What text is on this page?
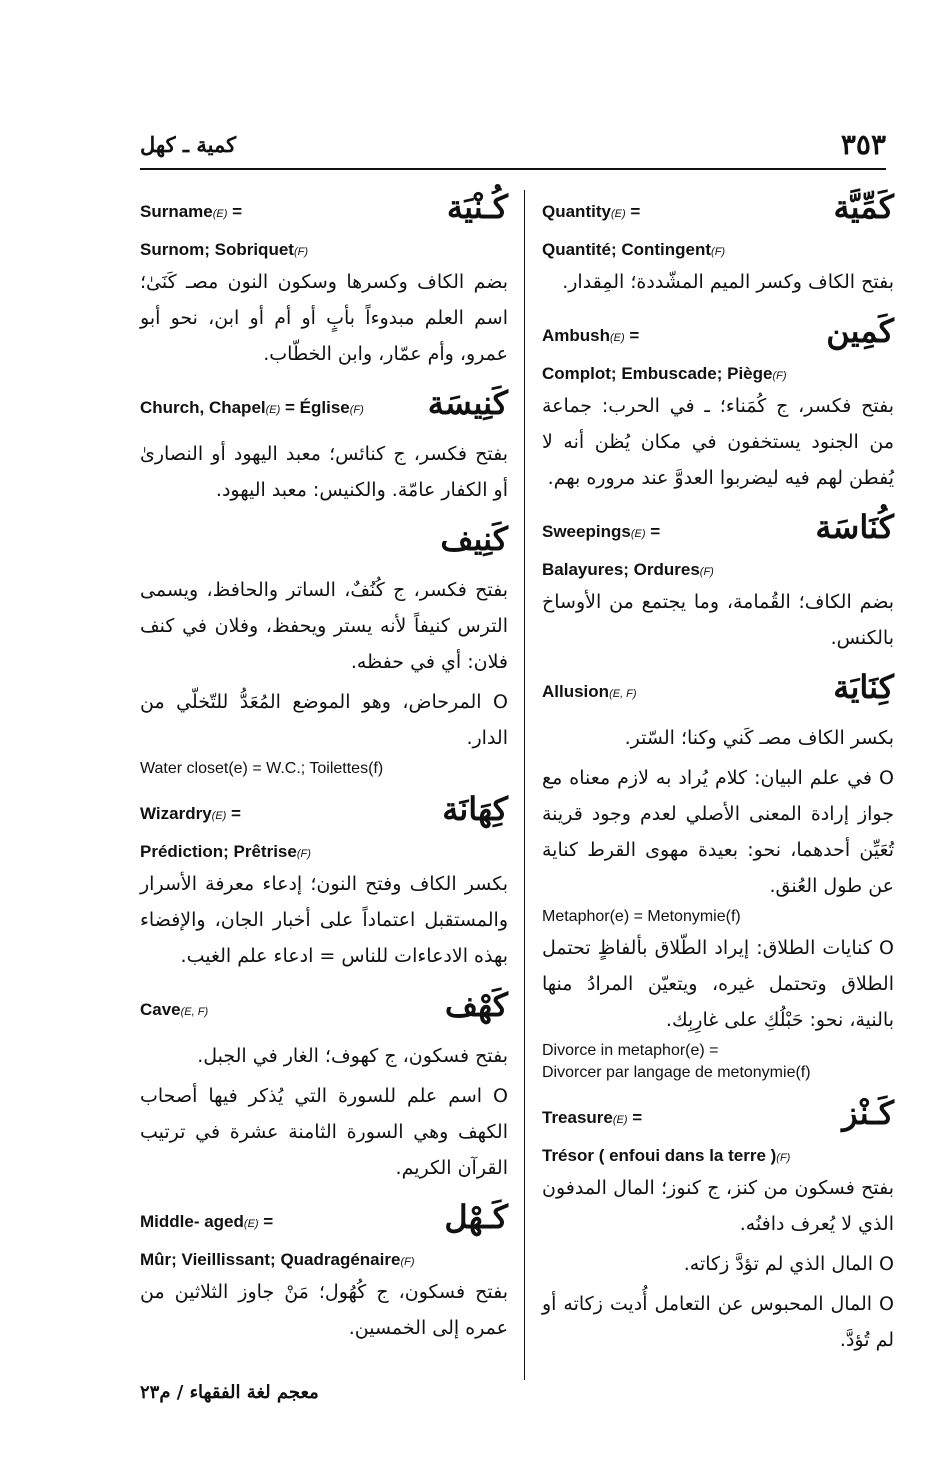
٣٥٣
كمية ـ كهل
كَمِّيَّة
Quantity(E) =
Quantité; Contingent(F)
بفتح الكاف وكسر الميم المشّددة؛ المِقدار.
كَمِين
Ambush(E) =
Complot; Embuscade; Piège(F)
بفتح فكسر، ج كُمَناء؛ ـ في الحرب: جماعة من الجنود يستخفون في مكان يُظن أنه لا يُفطن لهم فيه ليضربوا العدوَّ عند مروره بهم.
كُنَاسَة
Sweepings(E) =
Balayures; Ordures(F)
بضم الكاف؛ القُمامة، وما يجتمع من الأوساخ بالكنس.
كِنَايَة
Allusion(E, F)
بكسر الكاف مصـ كَني وكنا؛ السّتر.
O في علم البيان: كلام يُراد به لازم معناه مع جواز إرادة المعنى الأصلي لعدم وجود قرينة تُعَيِّن أحدهما، نحو: بعيدة مهوى القرط كناية عن طول العُنق.
Metaphor(e) = Metonymie(f)
O كنايات الطلاق: إيراد الطّلاق بألفاظٍ تحتمل الطلاق وتحتمل غيره، ويتعيّن المرادُ منها بالنية، نحو: حَبْلُكِ على غارِبِك.
Divorce in metaphor(e) =
Divorcer par langage de metonymie(f)
كَـنْز
Treasure(E) =
Trésor ( enfoui dans la terre )(F)
بفتح فسكون من كنز، ج كنوز؛ المال المدفون الذي لا يُعرف دافنُه.
O المال الذي لم تؤدَّ زكاته.
O المال المحبوس عن التعامل أُديت زكاته أو لم تُؤدَّ.
كُـنْيَة
Surname(E) =
Surnom; Sobriquet(F)
بضم الكاف وكسرها وسكون النون مصـ كَنَىٰ؛ اسم العلم مبدوءاً بأبٍ أو أم أو ابن، نحو أبو عمرو، وأم عمّار، وابن الخطّاب.
كَنِيسَة
Church, Chapel(E) = Église(F)
بفتح فكسر، ج كنائس؛ معبد اليهود أو النصارىٰ أو الكفار عامّة. والكنيس: معبد اليهود.
كَنِيف
بفتح فكسر، ج كُنُفٌ، الساتر والحافظ، ويسمى الترس كنيفاً لأنه يستر ويحفظ، وفلان في كنف فلان: أي في حفظه.
O المرحاض، وهو الموضع المُعَدُّ للتّخلّي من الدار.
Water closet(e) = W.C.; Toilettes(f)
كِهَانَة
Wizardry(E) =
Prédiction; Prêtrise(F)
بكسر الكاف وفتح النون؛ إدعاء معرفة الأسرار والمستقبل اعتماداً على أخبار الجان، والإفضاء بهذه الادعاءات للناس = ادعاء علم الغيب.
كَهْف
Cave(E, F)
بفتح فسكون، ج كهوف؛ الغار في الجبل.
O اسم علم للسورة التي يُذكر فيها أصحاب الكهف وهي السورة الثامنة عشرة في ترتيب القرآن الكريم.
كَـهْل
Middle- aged(E) =
Mûr; Vieillissant; Quadragénaire(F)
بفتح فسكون، ج كُهُول؛ مَنْ جاوز الثلاثين من عمره إلى الخمسين.
معجم لغة الفقهاء / م٢٣
